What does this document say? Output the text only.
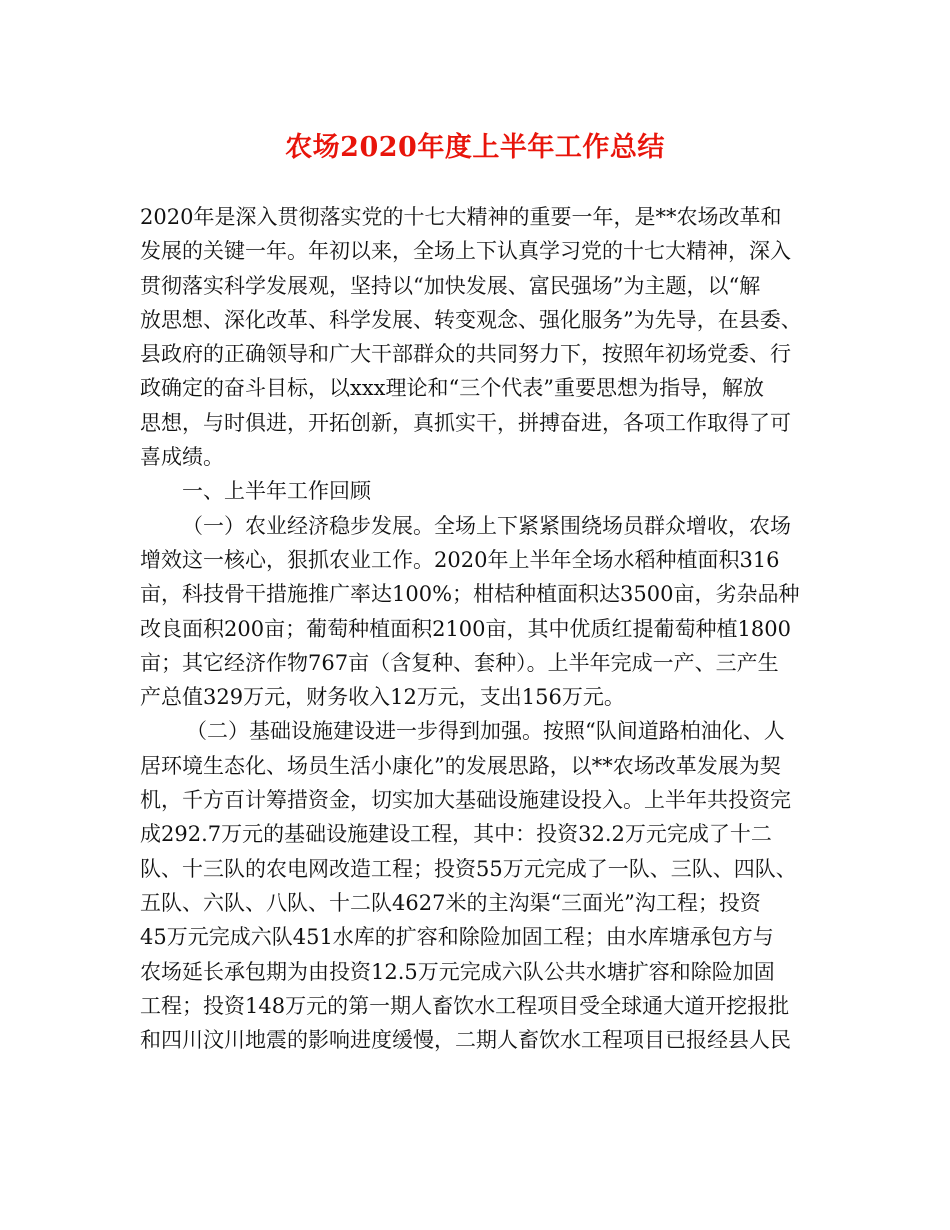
农场2020年度上半年工作总结
2020年是深入贯彻落实党的十七大精神的重要一年，是**农场改革和
发展的关键一年。年初以来，全场上下认真学习党的十七大精神，深入
贯彻落实科学发展观，坚持以“加快发展、富民强场”为主题，以“解
放思想、深化改革、科学发展、转变观念、强化服务”为先导，在县委、
县政府的正确领导和广大干部群众的共同努力下，按照年初场党委、行
政确定的奋斗目标，以xxx理论和“三个代表”重要思想为指导，解放
思想，与时俱进，开拓创新，真抓实干，拼搏奋进，各项工作取得了可
喜成绩。
一、上半年工作回顾
（一）农业经济稳步发展。全场上下紧紧围绕场员群众增收，农场
增效这一核心，狠抓农业工作。2020年上半年全场水稻种植面积316
亩，科技骨干措施推广率达100%；柑桔种植面积达3500亩，劣杂品种
改良面积200亩；葡萄种植面积2100亩，其中优质红提葡萄种植1800
亩；其它经济作物767亩（含复种、套种）。上半年完成一产、三产生
产总值329万元，财务收入12万元，支出156万元。
（二）基础设施建设进一步得到加强。按照“队间道路柏油化、人
居环境生态化、场员生活小康化”的发展思路，以**农场改革发展为契
机，千方百计筹措资金，切实加大基础设施建设投入。上半年共投资完
成292.7万元的基础设施建设工程，其中：投资32.2万元完成了十二
队、十三队的农电网改造工程；投资55万元完成了一队、三队、四队、
五队、六队、八队、十二队4627米的主沟渠“三面光”沟工程；投资
45万元完成六队451水库的扩容和除险加固工程；由水库塘承包方与
农场延长承包期为由投资12.5万元完成六队公共水塘扩容和除险加固
工程；投资148万元的第一期人畜饮水工程项目受全球通大道开挖报批
和四川汶川地震的影响进度缓慢，二期人畜饮水工程项目已报经县人民
